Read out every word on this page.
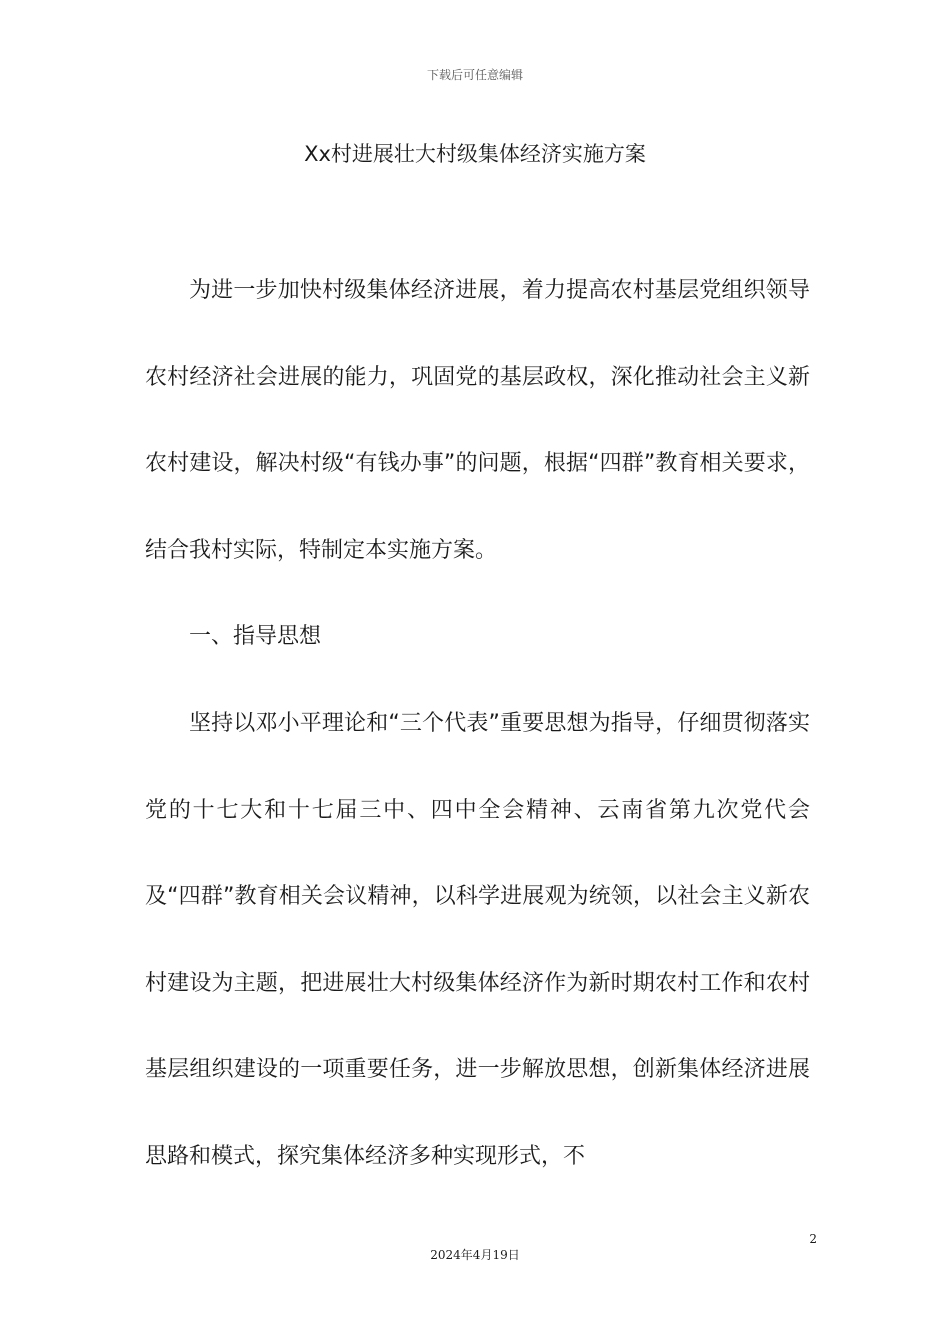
下载后可任意编辑
Xx村进展壮大村级集体经济实施方案

为进一步加快村级集体经济进展，着力提高农村基层党组织领导农村经济社会进展的能力，巩固党的基层政权，深化推动社会主义新农村建设，解决村级“有钱办事”的问题，根据“四群”教育相关要求，结合我村实际，特制定本实施方案。

一、指导思想

坚持以邓小平理论和“三个代表”重要思想为指导，仔细贯彻落实党的十七大和十七届三中、四中全会精神、云南省第九次党代会及“四群”教育相关会议精神，以科学进展观为统领，以社会主义新农村建设为主题，把进展壮大村级集体经济作为新时期农村工作和农村基层组织建设的一项重要任务，进一步解放思想，创新集体经济进展思路和模式，探究集体经济多种实现形式，不

2
2024年4月19日
